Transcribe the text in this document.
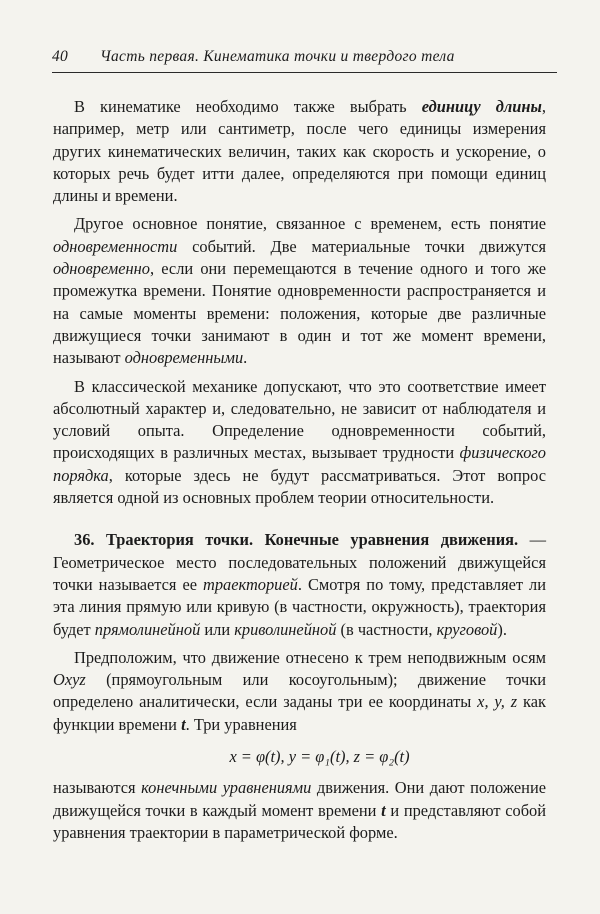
40	Часть первая. Кинематика точки и твердого тела

В кинематике необходимо также выбрать единицу длины, например, метр или сантиметр, после чего единицы измерения других кинематических величин, таких как скорость и ускорение, о которых речь будет итти далее, определяются при помощи единиц длины и времени.

Другое основное понятие, связанное с временем, есть понятие одновременности событий. Две материальные точки движутся одновременно, если они перемещаются в течение одного и того же промежутка времени. Понятие одновременности распространяется и на самые моменты времени: положения, которые две различные движущиеся точки занимают в один и тот же момент времени, называют одновременными.

В классической механике допускают, что это соответствие имеет абсолютный характер и, следовательно, не зависит от наблюдателя и условий опыта. Определение одновременности событий, происходящих в различных местах, вызывает трудности физического порядка, которые здесь не будут рассматриваться. Этот вопрос является одной из основных проблем теории относительности.

36. Траектория точки. Конечные уравнения движения. — Геометрическое место последовательных положений движущейся точки называется ее траекторией. Смотря по тому, представляет ли эта линия прямую или кривую (в частности, окружность), траектория будет прямолинейной или криволинейной (в частности, круговой).

Предположим, что движение отнесено к трем неподвижным осям Oxyz (прямоугольным или косоугольным); движение точки определено аналитически, если заданы три ее координаты x, y, z как функции времени t. Три уравнения

x = φ(t), y = φ₁(t), z = φ₂(t)

называются конечными уравнениями движения. Они дают положение движущейся точки в каждый момент времени t и представляют собой уравнения траектории в параметрической форме.
